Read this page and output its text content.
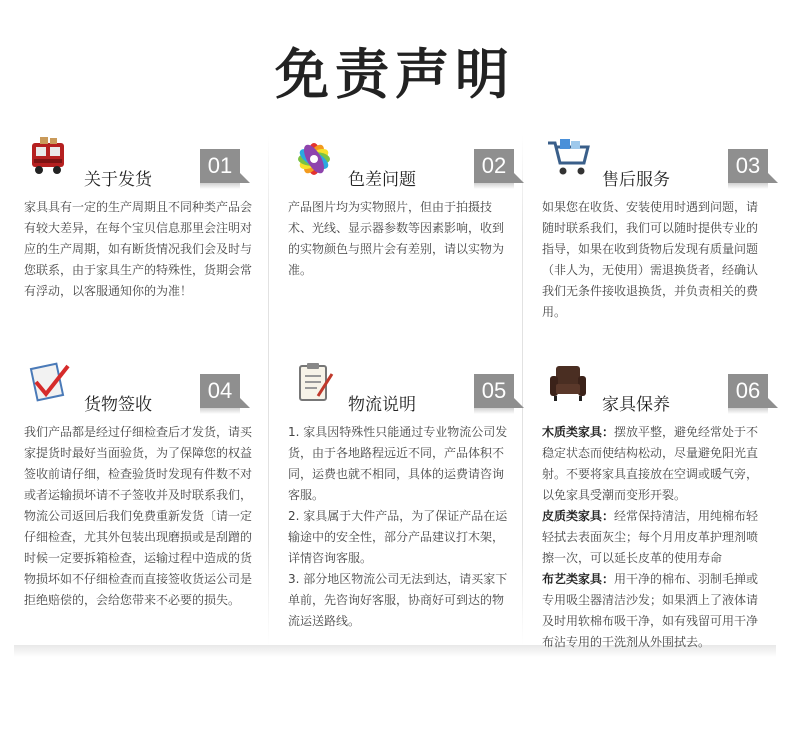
免责声明
关于发货
01

家具具有一定的生产周期且不同种类产品会有较大差异，在每个宝贝信息那里会注明对应的生产周期，如有断货情况我们会及时与您联系，由于家具生产的特殊性，货期会常有浮动，以客服通知你的为准！

色差问题
02

产品图片均为实物照片，但由于拍摄技术、光线、显示器参数等因素影响，收到的实物颜色与照片会有差别，请以实物为准。

售后服务
03

如果您在收货、安装使用时遇到问题，请随时联系我们，我们可以随时提供专业的指导，如果在收到货物后发现有质量问题（非人为，无使用）需退换货者，经确认我们无条件接收退换货，并负责相关的费用。

货物签收
04

我们产品都是经过仔细检查后才发货，请买家提货时最好当面验货，为了保障您的权益签收前请仔细，检查验货时发现有件数不对或者运输损坏请不子签收并及时联系我们，物流公司返回后我们免费重新发货〔请一定仔细检查，尤其外包装出现磨损或是刮蹭的时候一定要拆箱检查，运输过程中造成的货物损坏如不仔细检查而直接签收货运公司是拒绝赔偿的，会给您带来不必要的损失。

物流说明
05

1. 家具因特殊性只能通过专业物流公司发货，由于各地路程远近不同，产品体积不同，运费也就不相同，具体的运费请咨询客服。

2. 家具属于大件产品，为了保证产品在运输途中的安全性，部分产品建议打木架，详情咨询客服。

3. 部分地区物流公司无法到达，请买家下单前，先咨询好客服，协商好可到达的物流运送路线。

家具保养
06

木质类家具：摆放平整，避免经常处于不稳定状态而使结构松动，尽量避免阳光直射。不要将家具直接放在空调或暖气旁，以免家具受潮而变形开裂。

皮质类家具：经常保持清洁，用纯棉布轻轻拭去表面灰尘；每个月用皮革护理剂喷擦一次，可以延长皮革的使用寿命

布艺类家具：用干净的棉布、羽制毛掸或专用吸尘器清洁沙发；如果洒上了液体请及时用软棉布吸干净，如有残留可用干净布沾专用的干洗剂从外围拭去。
